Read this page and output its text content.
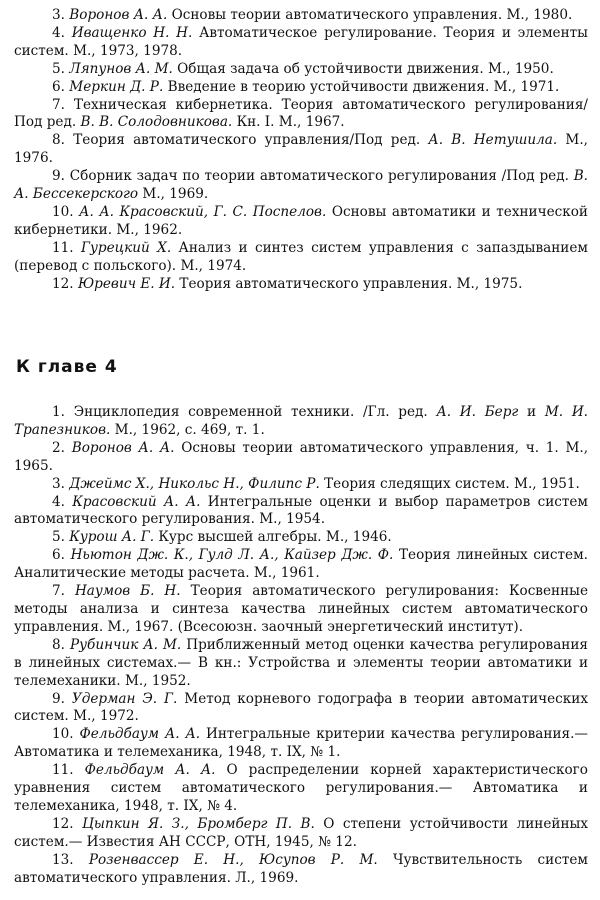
3. Воронов А. А. Основы теории автоматического управления. М., 1980.

4. Иващенко Н. Н. Автоматическое регулирование. Теория и элементы систем. М., 1973, 1978.

5. Ляпунов А. М. Общая задача об устойчивости движения. М., 1950.

6. Меркин Д. Р. Введение в теорию устойчивости движения. М., 1971.

7. Техническая кибернетика. Теория автоматического регулирования/ Под ред. В. В. Солодовникова. Кн. I. М., 1967.

8. Теория автоматического управления/Под ред. А. В. Нетушила. М., 1976.

9. Сборник задач по теории автоматического регулирования /Под ред. В. А. Бессекерского М., 1969.

10. А. А. Красовский, Г. С. Поспелов. Основы автоматики и технической кибернетики. М., 1962.

11. Гурецкий Х. Анализ и синтез систем управления с запаздыванием (перевод с польского). М., 1974.

12. Юревич Е. И. Теория автоматического управления. М., 1975.

К главе 4

1. Энциклопедия современной техники. /Гл. ред. А. И. Берг и М. И. Трапезников. М., 1962, с. 469, т. 1.

2. Воронов А. А. Основы теории автоматического управления, ч. 1. М., 1965.

3. Джеймс Х., Никольс Н., Филипс Р. Теория следящих систем. М., 1951.

4. Красовский А. А. Интегральные оценки и выбор параметров систем автоматического регулирования. М., 1954.

5. Курош А. Г. Курс высшей алгебры. М., 1946.

6. Ньютон Дж. К., Гулд Л. А., Кайзер Дж. Ф. Теория линейных систем. Аналитические методы расчета. М., 1961.

7. Наумов Б. Н. Теория автоматического регулирования: Косвенные методы анализа и синтеза качества линейных систем автоматического управления. М., 1967. (Всесоюзн. заочный энергетический институт).

8. Рубинчик А. М. Приближенный метод оценки качества регулирования в линейных системах.— В кн.: Устройства и элементы теории автоматики и телемеханики. М., 1952.

9. Удерман Э. Г. Метод корневого годографа в теории автоматических систем. М., 1972.

10. Фельдбаум А. А. Интегральные критерии качества регулирования.— Автоматика и телемеханика, 1948, т. IX, № 1.

11. Фельдбаум А. А. О распределении корней характеристического уравнения систем автоматического регулирования.— Автоматика и телемеханика, 1948, т. IX, № 4.

12. Цыпкин Я. З., Бромберг П. В. О степени устойчивости линейных систем.— Известия АН СССР, ОТН, 1945, № 12.

13. Розенвассер Е. Н., Юсупов Р. М. Чувствительность систем автоматического управления. Л., 1969.
